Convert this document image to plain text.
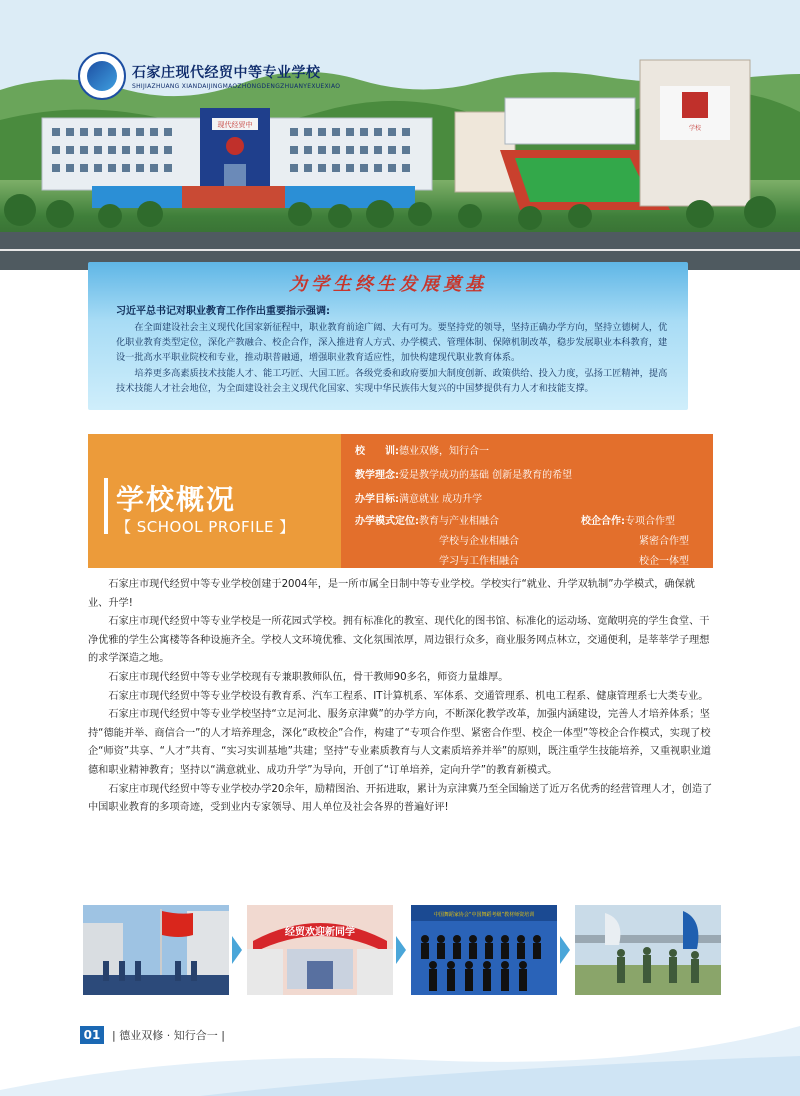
现代经贸中	学校
石家庄现代经贸中等专业学校
SHIJIAZHUANG XIANDAIJINGMAOZHONGDENGZHUANYEXUEXIAO
为学生终生发展奠基
习近平总书记对职业教育工作作出重要指示强调:
在全面建设社会主义现代化国家新征程中，职业教育前途广阔、大有可为。要坚持党的领导，坚持正确办学方向，坚持立德树人，优化职业教育类型定位，深化产教融合、校企合作，深入推进育人方式、办学模式、管理体制、保障机制改革，稳步发展职业本科教育，建设一批高水平职业院校和专业，推动职普融通，增强职业教育适应性，加快构建现代职业教育体系。
培养更多高素质技术技能人才、能工巧匠、大国工匠。各级党委和政府要加大制度创新、政策供给、投入力度，弘扬工匠精神，提高技术技能人才社会地位，为全面建设社会主义现代化国家、实现中华民族伟大复兴的中国梦提供有力人才和技能支撑。
学校概况
【 SCHOOL PROFILE 】
校　　训:德业双修，知行合一
教学理念:爱是教学成功的基础 创新是教育的希望
办学目标:满意就业 成功升学
办学模式定位:教育与产业相融合
学校与企业相融合
学习与工作相融合
校企合作:专项合作型
紧密合作型
校企一体型

石家庄市现代经贸中等专业学校创建于2004年，是一所市属全日制中等专业学校。学校实行“就业、升学双轨制”办学模式，确保就业、升学!

石家庄市现代经贸中等专业学校是一所花园式学校。拥有标准化的教室、现代化的图书馆、标准化的运动场、宽敞明亮的学生食堂、干净优雅的学生公寓楼等各种设施齐全。学校人文环境优雅、文化氛围浓厚，周边银行众多，商业服务网点林立，交通便利，是莘莘学子理想的求学深造之地。

石家庄市现代经贸中等专业学校现有专兼职教师队伍，骨干教师90多名，师资力量雄厚。

石家庄市现代经贸中等专业学校设有教育系、汽车工程系、IT计算机系、军体系、交通管理系、机电工程系、健康管理系七大类专业。

石家庄市现代经贸中等专业学校坚持“立足河北、服务京津冀”的办学方向，不断深化教学改革，加强内涵建设，完善人才培养体系；坚持“德能并举、商信合一”的人才培养理念，深化“政校企”合作，构建了“专项合作型、紧密合作型、校企一体型”等校企合作模式，实现了校企“师资”共享、“人才”共育、“实习实训基地”共建；坚持“专业素质教育与人文素质培养并举”的原则，既注重学生技能培养，又重视职业道德和职业精神教育；坚持以“满意就业、成功升学”为导向，开创了“订单培养，定向升学”的教育新模式。

石家庄市现代经贸中等专业学校办学20余年，励精图治、开拓进取，累计为京津冀乃至全国输送了近万名优秀的经营管理人才，创造了中国职业教育的多项奇迹，受到业内专家领导、用人单位及社会各界的普遍好评!

经贸欢迎新同学
中国舞蹈家协会“中国舞蹈考级”教材师资培训
01	| 德业双修 · 知行合一 |
